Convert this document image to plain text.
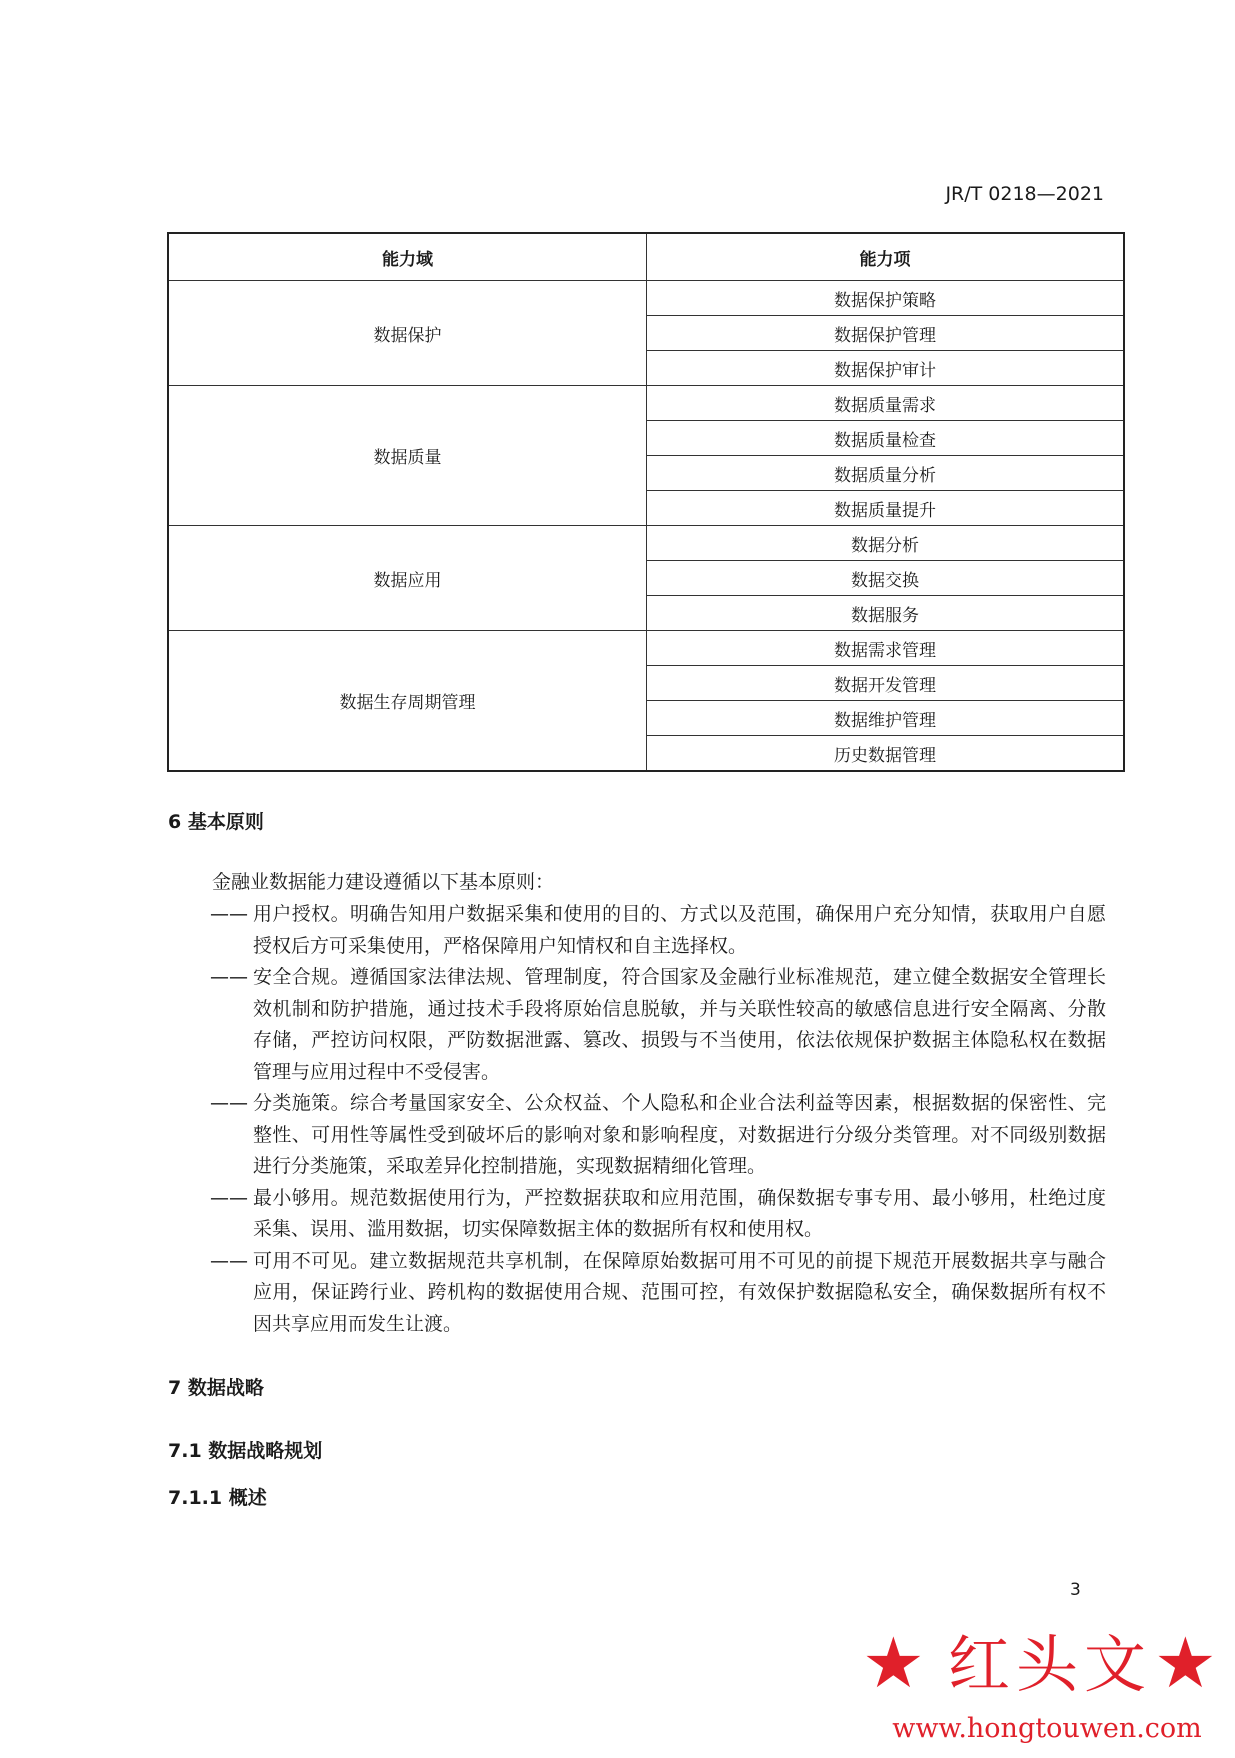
JR/T 0218—2021
能力域	能力项
数据保护	数据保护策略
	数据保护管理
	数据保护审计
数据质量	数据质量需求
	数据质量检查
	数据质量分析
	数据质量提升
数据应用	数据分析
	数据交换
	数据服务
数据生存周期管理	数据需求管理
	数据开发管理
	数据维护管理
	历史数据管理
6 基本原则
金融业数据能力建设遵循以下基本原则：
—— 用户授权。明确告知用户数据采集和使用的目的、方式以及范围，确保用户充分知情，获取用户自愿授权后方可采集使用，严格保障用户知情权和自主选择权。
—— 安全合规。遵循国家法律法规、管理制度，符合国家及金融行业标准规范，建立健全数据安全管理长效机制和防护措施，通过技术手段将原始信息脱敏，并与关联性较高的敏感信息进行安全隔离、分散存储，严控访问权限，严防数据泄露、篡改、损毁与不当使用，依法依规保护数据主体隐私权在数据管理与应用过程中不受侵害。
—— 分类施策。综合考量国家安全、公众权益、个人隐私和企业合法利益等因素，根据数据的保密性、完整性、可用性等属性受到破坏后的影响对象和影响程度，对数据进行分级分类管理。对不同级别数据进行分类施策，采取差异化控制措施，实现数据精细化管理。
—— 最小够用。规范数据使用行为，严控数据获取和应用范围，确保数据专事专用、最小够用，杜绝过度采集、误用、滥用数据，切实保障数据主体的数据所有权和使用权。
—— 可用不可见。建立数据规范共享机制，在保障原始数据可用不可见的前提下规范开展数据共享与融合应用，保证跨行业、跨机构的数据使用合规、范围可控，有效保护数据隐私安全，确保数据所有权不因共享应用而发生让渡。
7 数据战略
7.1 数据战略规划
7.1.1 概述
3
★ 红头文 ★
www.hongtouwen.com
